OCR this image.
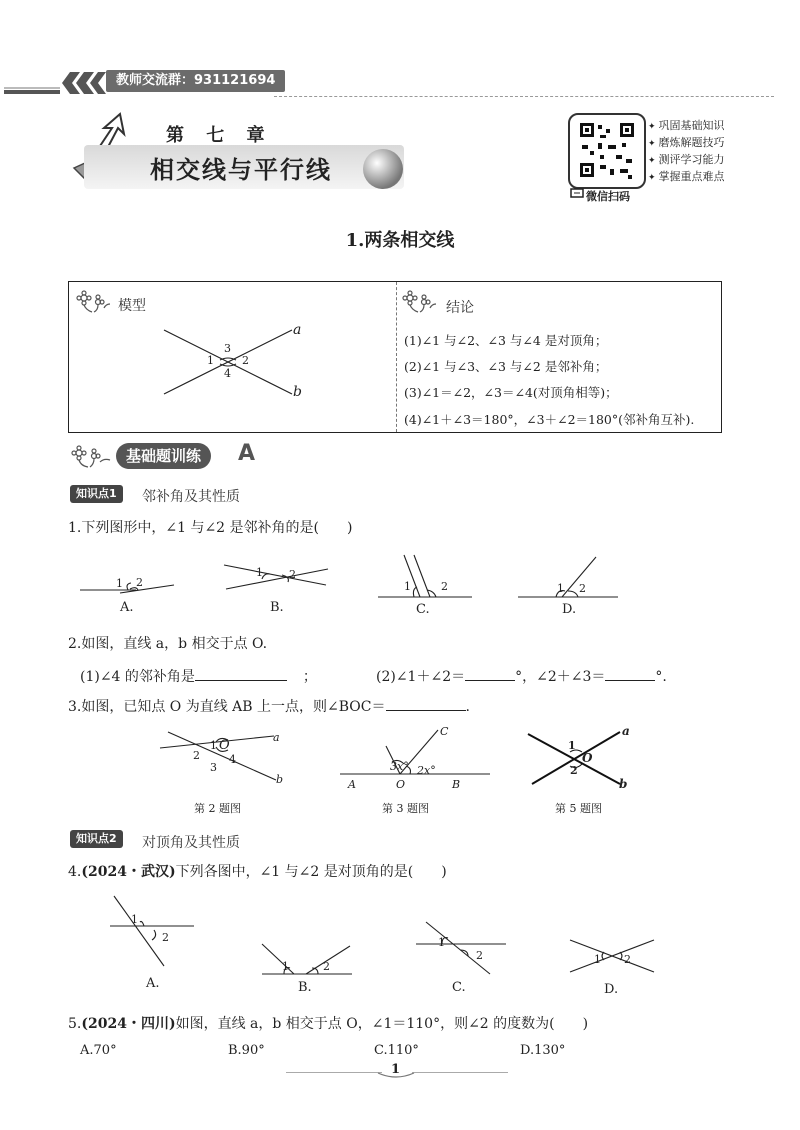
教师交流群：931121694
第 七 章
相交线与平行线
微信扫码
✦ 巩固基础知识
✦ 磨炼解题技巧
✦ 测评学习能力
✦ 掌握重点难点
1.两条相交线
模型	结论
a
b
3
1	2
4
(1)∠1 与∠2、∠3 与∠4 是对顶角；
(2)∠1 与∠3、∠3 与∠2 是邻补角；
(3)∠1＝∠2，∠3＝∠4(对顶角相等)；
(4)∠1＋∠3＝180°，∠3＋∠2＝180°(邻补角互补).
基础题训练	A
知识点1	邻补角及其性质
1.下列图形中，∠1 与∠2 是邻补角的是(　　)
1 2
1 2
1	2	1 2
A.	B.	C.	D.
2.如图，直线 a，b 相交于点 O.
(1)∠4 的邻补角是	；	(2)∠1＋∠2＝	°，∠2＋∠3＝	°.
3.如图，已知点 O 为直线 AB 上一点，则∠BOC＝	.
1 O
2
3
4
a
b
第 2 题图
C
3x° 2x°
A	O	B
第 3 题图
a
1
O
2
b
第 5 题图
知识点2	对顶角及其性质
4.(2024・武汉)下列各图中，∠1 与∠2 是对顶角的是(　　)
1
2
1	2
1
2	1 2
A.	B.	C.	D.
5.(2024・四川)如图，直线 a，b 相交于点 O，∠1＝110°，则∠2 的度数为(　　)
A.70°	B.90°	C.110°	D.130°
1
